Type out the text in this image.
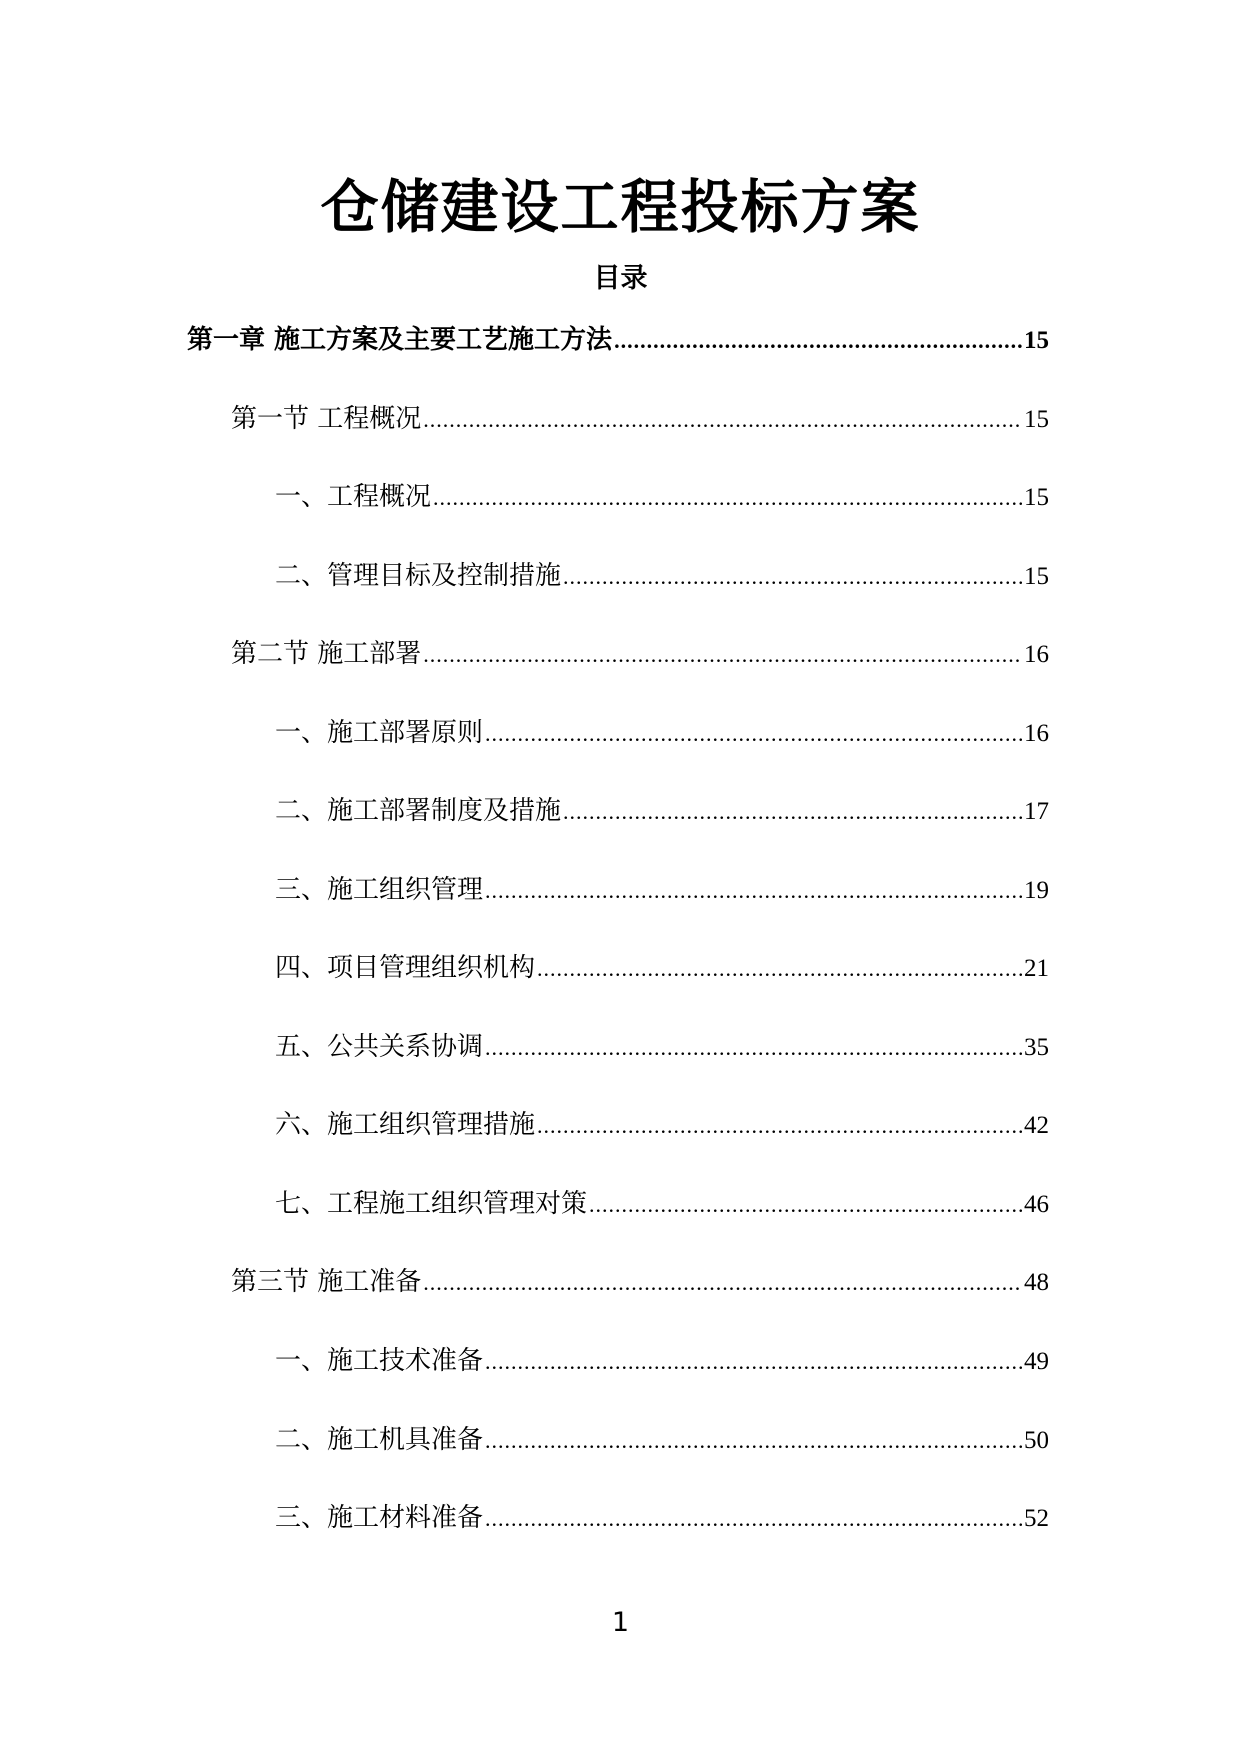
仓储建设工程投标方案
目录
第一章 施工方案及主要工艺施工方法 .....	15
第一节 工程概况 .....	15
一、工程概况 .....	15
二、管理目标及控制措施 .....	15
第二节 施工部署 .....	16
一、施工部署原则 .....	16
二、施工部署制度及措施 .....	17
三、施工组织管理 .....	19
四、项目管理组织机构 .....	21
五、公共关系协调 .....	35
六、施工组织管理措施 .....	42
七、工程施工组织管理对策 .....	46
第三节 施工准备 .....	48
一、施工技术准备 .....	49
二、施工机具准备 .....	50
三、施工材料准备 .....	52
1
